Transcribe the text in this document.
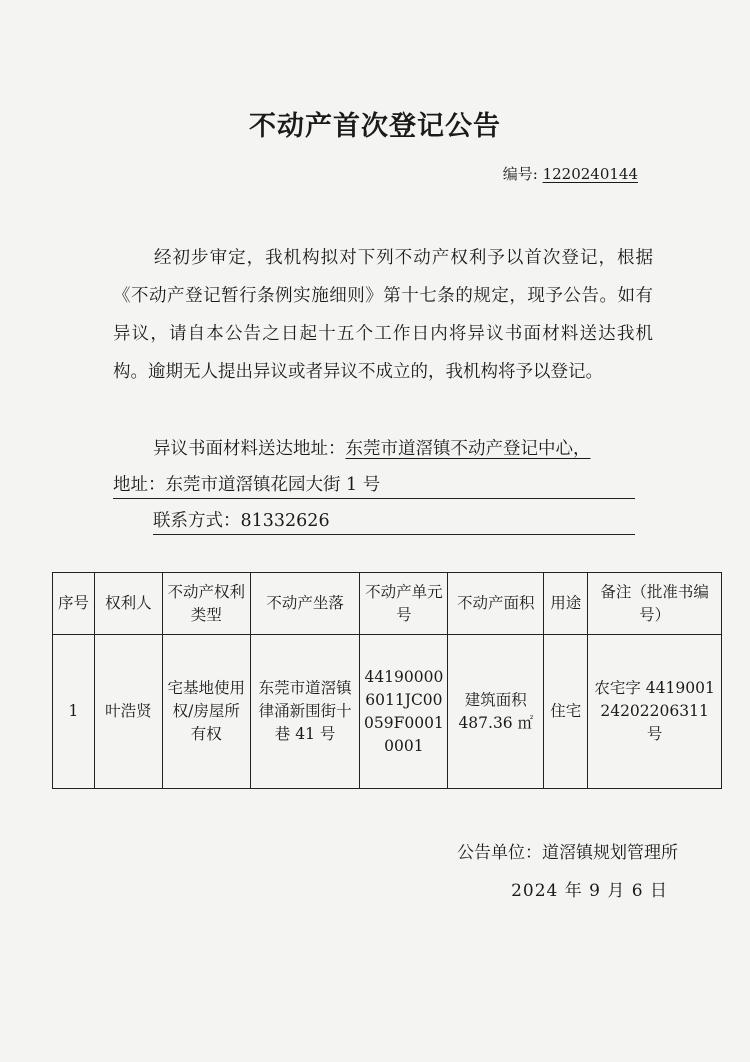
不动产首次登记公告
编号: 1220240144
经初步审定，我机构拟对下列不动产权利予以首次登记，根据《不动产登记暂行条例实施细则》第十七条的规定，现予公告。如有异议，请自本公告之日起十五个工作日内将异议书面材料送达我机构。逾期无人提出异议或者异议不成立的，我机构将予以登记。
异议书面材料送达地址：东莞市道滘镇不动产登记中心，
地址：东莞市道滘镇花园大街 1 号
联系方式：81332626
序号	权利人	不动产权利类型	不动产坐落	不动产单元号	不动产面积	用途	备注（批准书编号）
1	叶浩贤	宅基地使用权/房屋所有权	东莞市道滘镇律涌新围街十巷 41 号	441900006011JC00059F00010001	建筑面积 487.36 ㎡	住宅	农宅字 441900124202206311 号
公告单位：道滘镇规划管理所
2024 年 9 月 6 日
